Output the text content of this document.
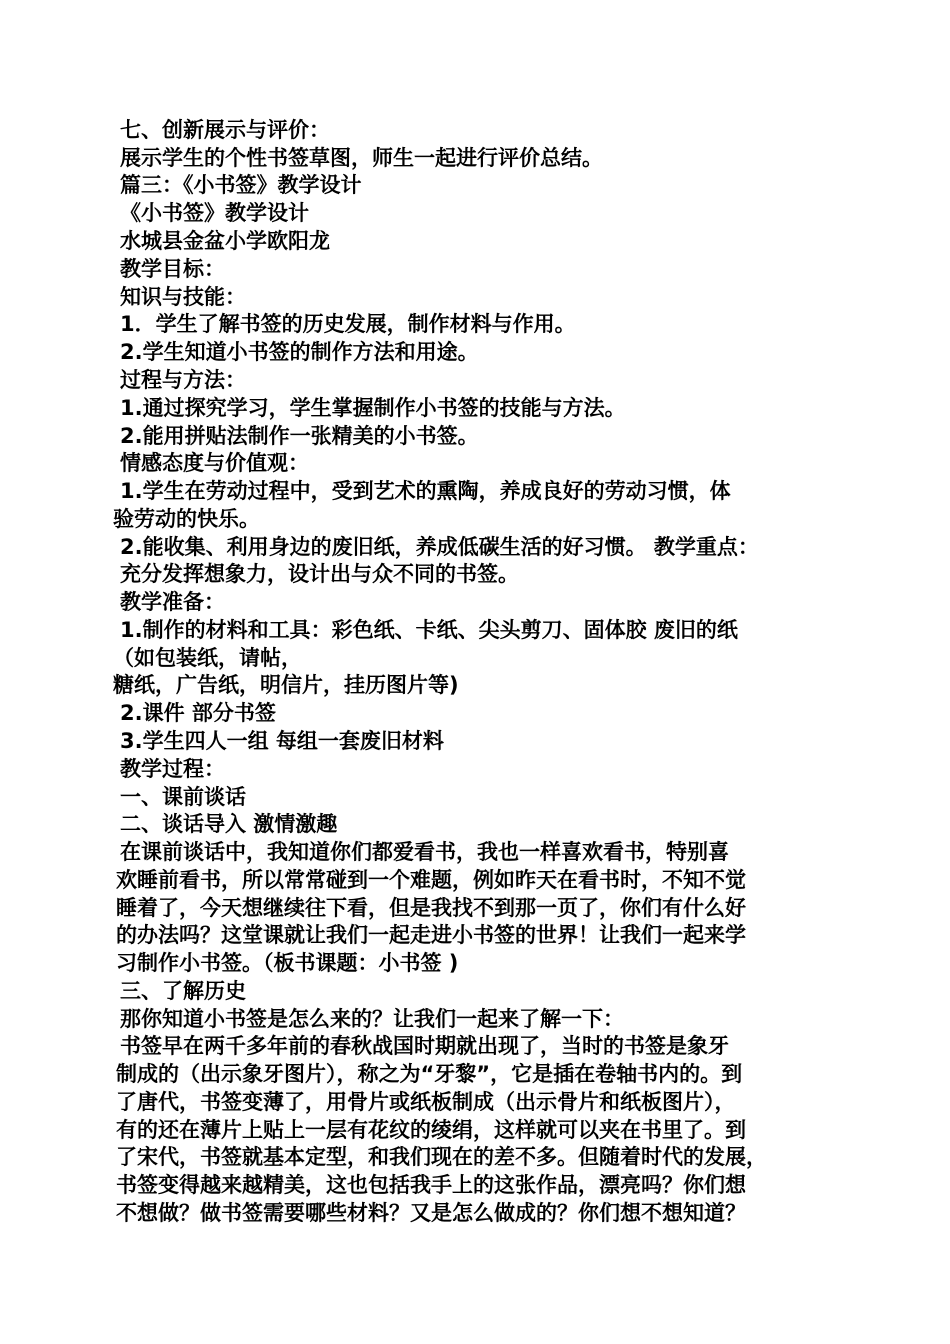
七、创新展示与评价：
展示学生的个性书签草图，师生一起进行评价总结。
篇三：《小书签》教学设计
《小书签》教学设计
水城县金盆小学欧阳龙
教学目标：
知识与技能：
1．学生了解书签的历史发展，制作材料与作用。
2.学生知道小书签的制作方法和用途。
过程与方法：
1.通过探究学习，学生掌握制作小书签的技能与方法。
2.能用拼贴法制作一张精美的小书签。
情感态度与价值观：
1.学生在劳动过程中，受到艺术的熏陶，养成良好的劳动习惯，体
验劳动的快乐。
2.能收集、利用身边的废旧纸，养成低碳生活的好习惯。 教学重点：
充分发挥想象力，设计出与众不同的书签。
教学准备：
1.制作的材料和工具：彩色纸、卡纸、尖头剪刀、固体胶 废旧的纸
（如包装纸，请帖，
糖纸，广告纸，明信片，挂历图片等)
2.课件 部分书签
3.学生四人一组 每组一套废旧材料
教学过程：
一、课前谈话
二、谈话导入 激情激趣
在课前谈话中，我知道你们都爱看书，我也一样喜欢看书，特别喜
欢睡前看书，所以常常碰到一个难题，例如昨天在看书时，不知不觉
睡着了，今天想继续往下看，但是我找不到那一页了，你们有什么好
的办法吗？这堂课就让我们一起走进小书签的世界！让我们一起来学
习制作小书签。（板书课题：小书签 )
三、了解历史
那你知道小书签是怎么来的？让我们一起来了解一下：
书签早在两千多年前的春秋战国时期就出现了，当时的书签是象牙
制成的（出示象牙图片），称之为“牙黎”，它是插在卷轴书内的。到
了唐代，书签变薄了，用骨片或纸板制成（出示骨片和纸板图片），
有的还在薄片上贴上一层有花纹的绫绢，这样就可以夹在书里了。到
了宋代，书签就基本定型，和我们现在的差不多。但随着时代的发展，
书签变得越来越精美，这也包括我手上的这张作品，漂亮吗？你们想
不想做？做书签需要哪些材料？又是怎么做成的？你们想不想知道？
